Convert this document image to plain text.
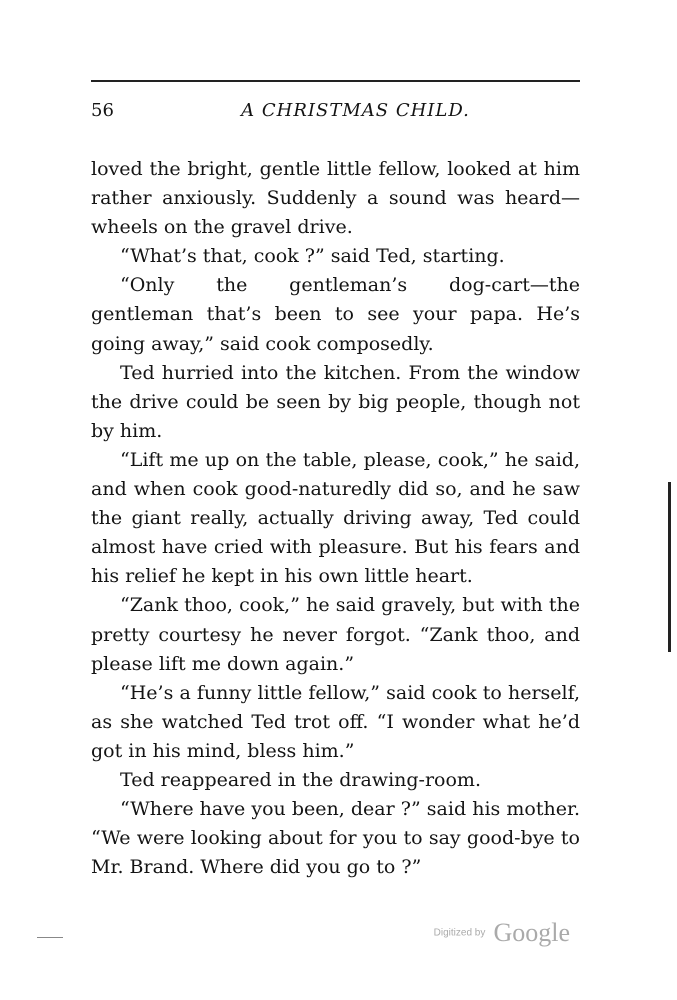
56	A CHRISTMAS CHILD.

loved the bright, gentle little fellow, looked at him rather anxiously. Suddenly a sound was heard— wheels on the gravel drive.

“What’s that, cook ?” said Ted, starting.

“Only the gentleman’s dog-cart—the gentleman that’s been to see your papa. He’s going away,” said cook composedly.

Ted hurried into the kitchen. From the window the drive could be seen by big people, though not by him.

“Lift me up on the table, please, cook,” he said, and when cook good-naturedly did so, and he saw the giant really, actually driving away, Ted could almost have cried with pleasure. But his fears and his relief he kept in his own little heart.

“Zank thoo, cook,” he said gravely, but with the pretty courtesy he never forgot. “Zank thoo, and please lift me down again.”

“He’s a funny little fellow,” said cook to herself, as she watched Ted trot off. “I wonder what he’d got in his mind, bless him.”

Ted reappeared in the drawing-room.

“Where have you been, dear ?” said his mother. “We were looking about for you to say good-bye to Mr. Brand. Where did you go to ?”

Digitized by Google
